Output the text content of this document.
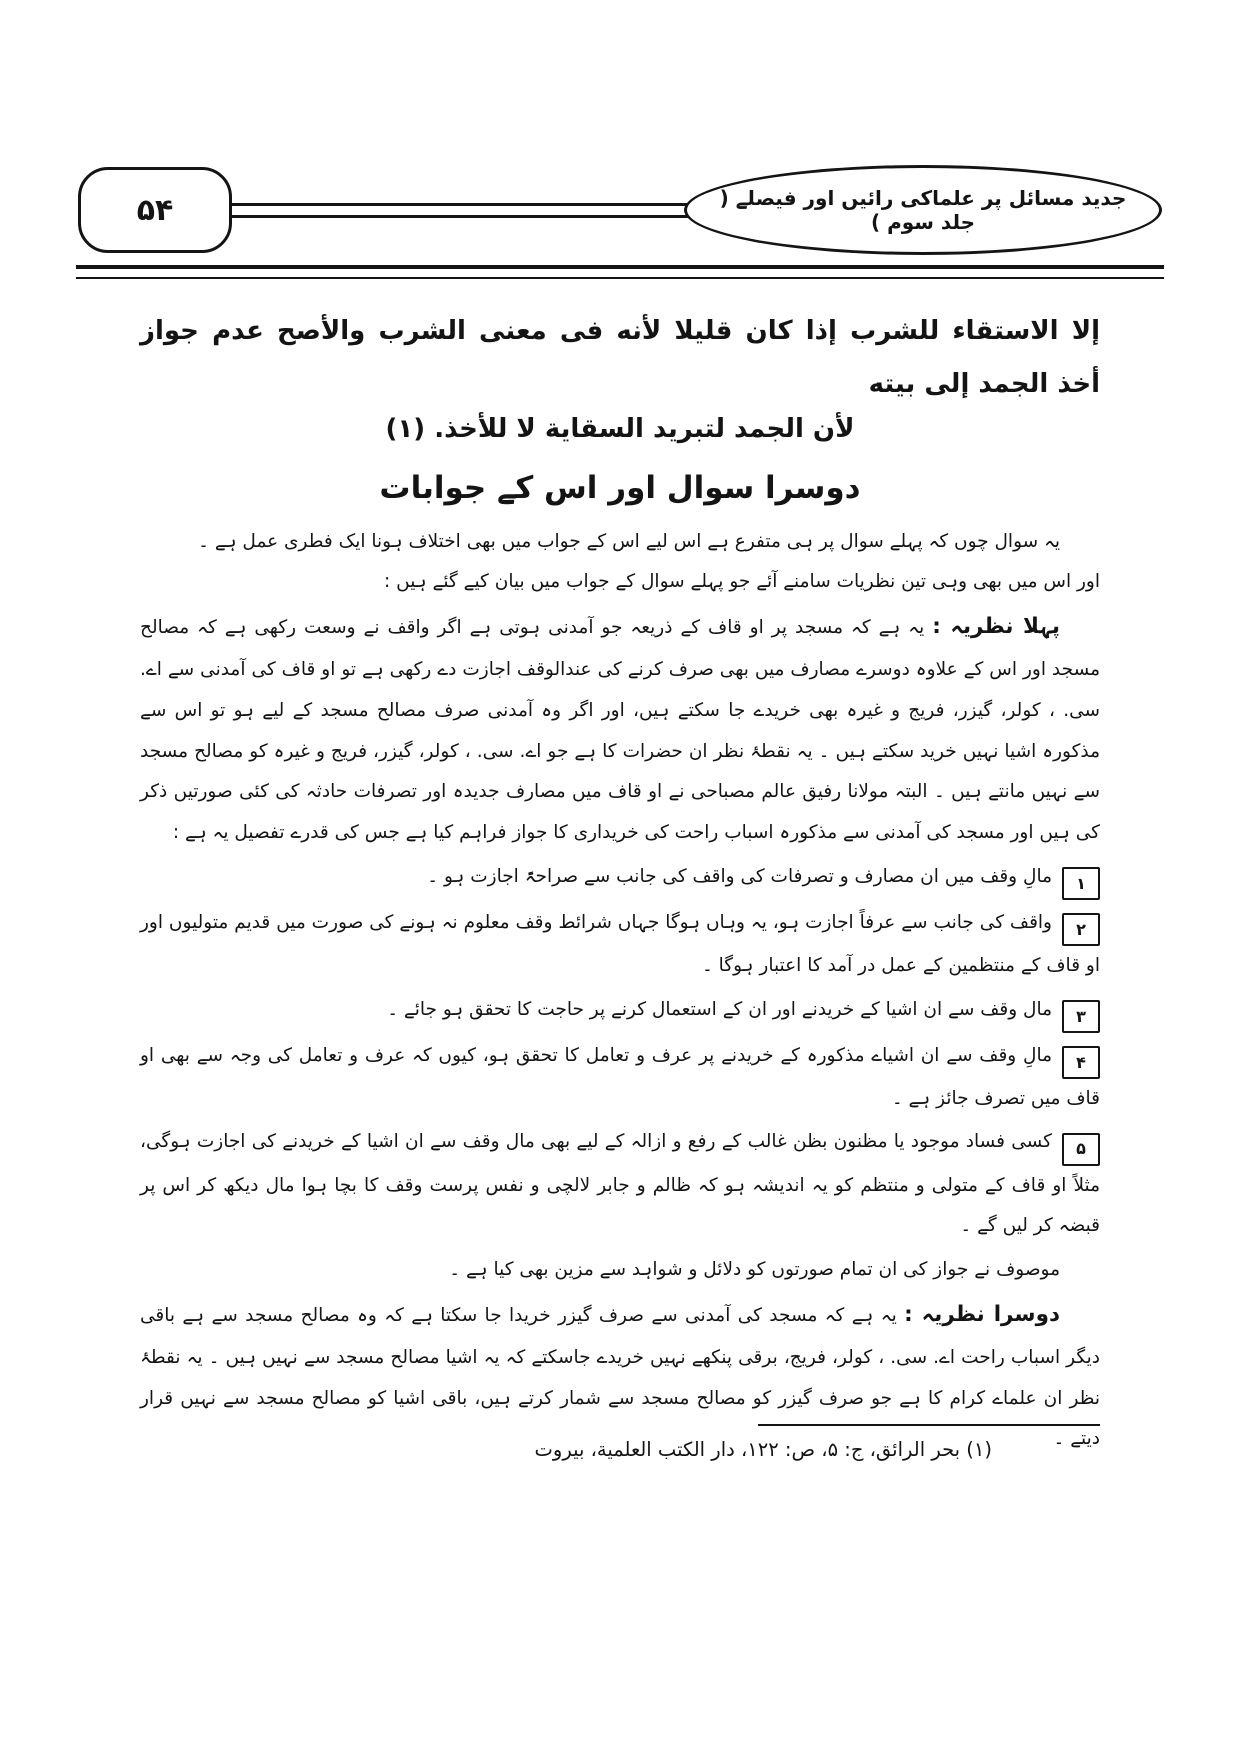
۵۴	جدید مسائل پر علماکی رائیں اور فیصلے ( جلد سوم )
إلا الاستقاء للشرب إذا كان قليلا لأنه فى معنى الشرب والأصح عدم جواز أخذ الجمد إلى بيته
لأن الجمد لتبريد السقاية لا للأخذ. (۱)
دوسرا سوال اور اس کے جوابات

یہ سوال چوں کہ پہلے سوال پر ہی متفرع ہے اس لیے اس کے جواب میں بھی اختلاف ہونا ایک فطری عمل ہے ۔

اور اس میں بھی وہی تین نظریات سامنے آئے جو پہلے سوال کے جواب میں بیان کیے گئے ہیں :

پہلا نظریہ : یہ ہے کہ مسجد پر او قاف کے ذریعہ جو آمدنی ہوتی ہے اگر واقف نے وسعت رکھی ہے کہ مصالح مسجد اور اس کے علاوہ دوسرے مصارف میں بھی صرف کرنے کی عندالوقف اجازت دے رکھی ہے تو او قاف کی آمدنی سے اے. سی. ، کولر، گیزر، فریج و غیرہ بھی خریدے جا سکتے ہیں، اور اگر وہ آمدنی صرف مصالح مسجد کے لیے ہو تو اس سے مذکورہ اشیا نہیں خرید سکتے ہیں ۔ یہ نقطۂ نظر ان حضرات کا ہے جو اے. سی. ، کولر، گیزر، فریج و غیرہ کو مصالح مسجد سے نہیں مانتے ہیں ۔ البتہ مولانا رفیق عالم مصباحی نے او قاف میں مصارف جدیدہ اور تصرفات حادثہ کی کئی صورتیں ذکر کی ہیں اور مسجد کی آمدنی سے مذکورہ اسباب راحت کی خریداری کا جواز فراہم کیا ہے جس کی قدرے تفصیل یہ ہے :

۱
مالِ وقف میں ان مصارف و تصرفات کی واقف کی جانب سے صراحۃً اجازت ہو ۔

۲
واقف کی جانب سے عرفاً اجازت ہو، یہ وہاں ہوگا جہاں شرائط وقف معلوم نہ ہونے کی صورت میں قدیم متولیوں اور او قاف کے منتظمین کے عمل در آمد کا اعتبار ہوگا ۔

۳
مال وقف سے ان اشیا کے خریدنے اور ان کے استعمال کرنے پر حاجت کا تحقق ہو جائے ۔

۴
مالِ وقف سے ان اشیاے مذکورہ کے خریدنے پر عرف و تعامل کا تحقق ہو، کیوں کہ عرف و تعامل کی وجہ سے بھی او قاف میں تصرف جائز ہے ۔

۵
کسی فساد موجود یا مظنون بظن غالب کے رفع و ازالہ کے لیے بھی مال وقف سے ان اشیا کے خریدنے کی اجازت ہوگی، مثلاً او قاف کے متولی و منتظم کو یہ اندیشہ ہو کہ ظالم و جابر لالچی و نفس پرست وقف کا بچا ہوا مال دیکھ کر اس پر قبضہ کر لیں گے ۔

موصوف نے جواز کی ان تمام صورتوں کو دلائل و شواہد سے مزین بھی کیا ہے ۔

دوسرا نظریہ : یہ ہے کہ مسجد کی آمدنی سے صرف گیزر خریدا جا سکتا ہے کہ وہ مصالح مسجد سے ہے باقی دیگر اسباب راحت اے. سی. ، کولر، فریج، برقی پنکھے نہیں خریدے جاسکتے کہ یہ اشیا مصالح مسجد سے نہیں ہیں ۔ یہ نقطۂ نظر ان علماے کرام کا ہے جو صرف گیزر کو مصالح مسجد سے شمار کرتے ہیں، باقی اشیا کو مصالح مسجد سے نہیں قرار دیتے ۔

(۱) بحر الرائق، ج: ۵، ص: ۱۲۲، دار الكتب العلمية، بيروت
